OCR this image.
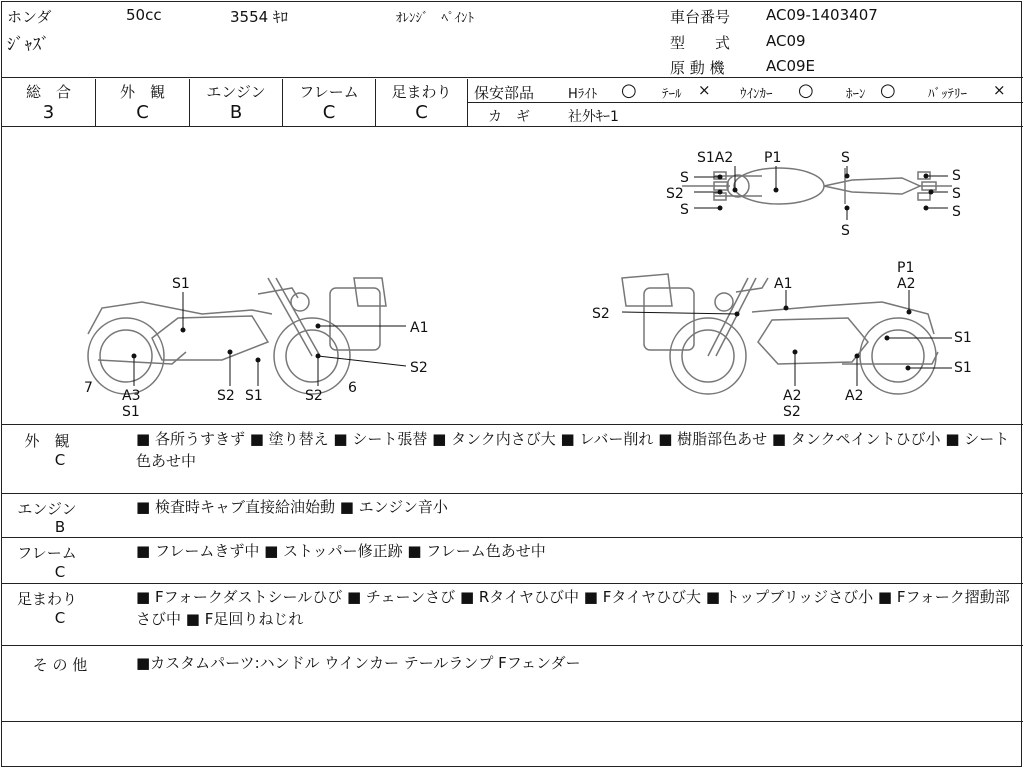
ホンダ	50cc	3554 ｷﾛ	ｵﾚﾝｼﾞ　ﾍﾟｲﾝﾄ
ｼﾞｬｽﾞ
車台番号 AC09-1403407
型　　式 AC09
原 動 機	AC09E
総　合
3
外　観
C
エンジン
B
フレーム
C
足まわり
C
保安部品	Hﾗｲﾄ ○ ﾃｰﾙ × ｳｲﾝｶｰ ○ ﾎｰﾝ ○ ﾊﾞｯﾃﾘｰ ×
カ　ギ	社外ｷｰ1
S1A2 P1	S
S
S2
S
S
S
S
S
S1
A1
S2
7 A3
S1
S2 S1	S2 6
P1
A2
A1
S2
S1
S1
A2
S2
A2
外　観
C
■ 各所うすきず ■ 塗り替え ■ シート張替 ■ タンク内さび大 ■ レバー削れ ■ 樹脂部色あせ ■ タンクペイントひび小 ■ シート色あせ中
エンジン
B
■ 検査時キャブ直接給油始動 ■ エンジン音小
フレーム
C
■ フレームきず中 ■ ストッパー修正跡 ■ フレーム色あせ中
足まわり
C
■ Fフォークダストシールひび ■ チェーンさび ■ Rタイヤひび中 ■ Fタイヤひび大 ■ トップブリッジさび小 ■ Fフォーク摺動部さび中 ■ F足回りねじれ
そ の 他	■カスタムパーツ:ハンドル ウインカー テールランプ Fフェンダー
